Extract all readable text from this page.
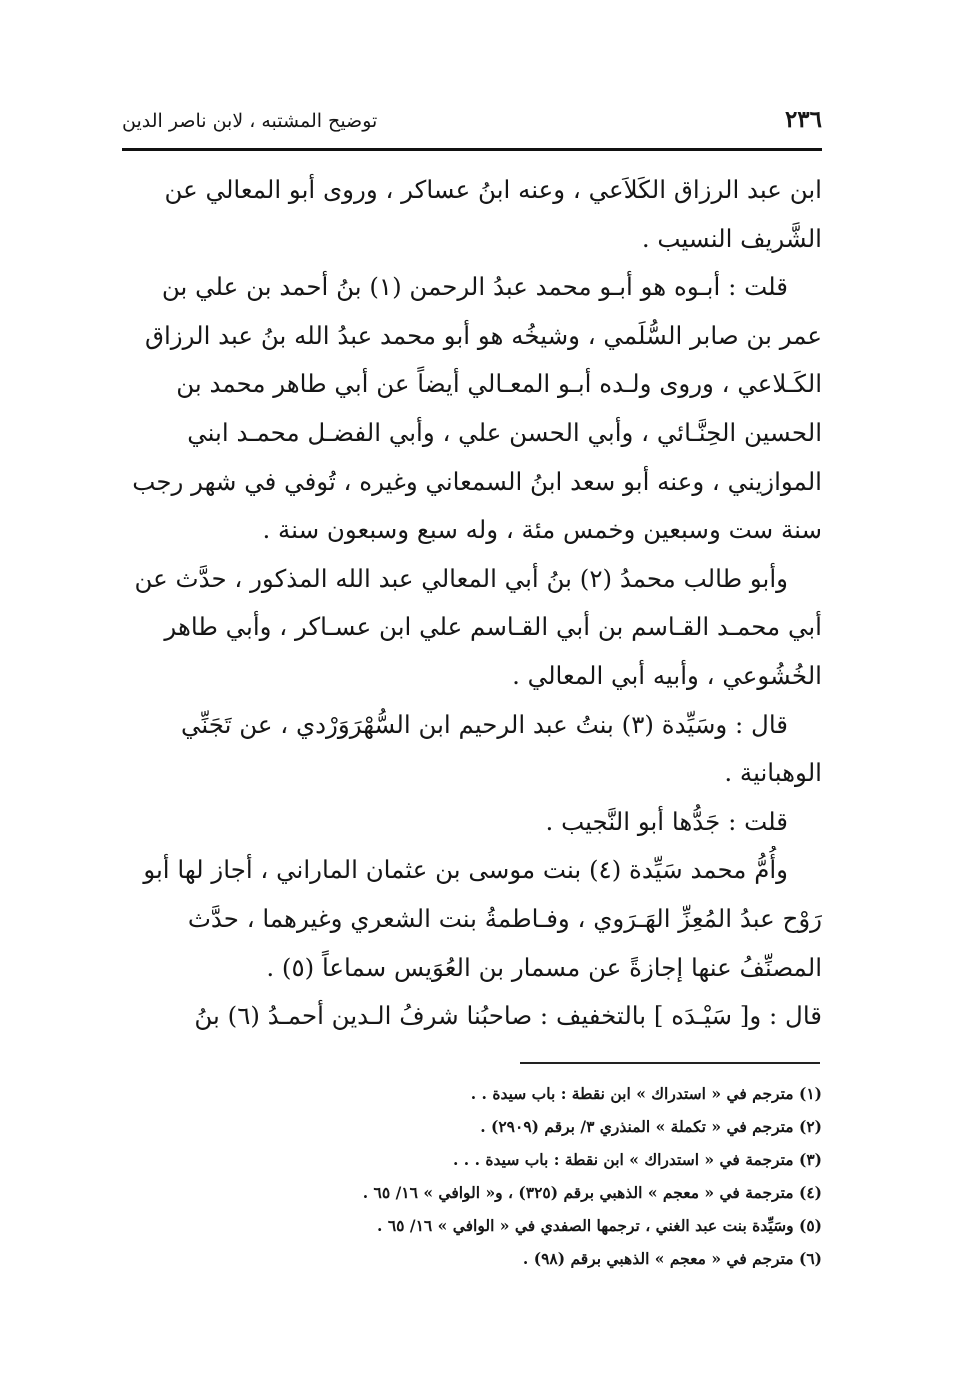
٢٣٦
توضيح المشتبه ، لابن ناصر الدين
ابن عبد الرزاق الكَلاَعي ، وعنه ابنُ عساكر ، وروى أبو المعالي عن
الشَّريف النسيب .
قلت : أبـوه هو أبـو محمد عبدُ الرحمن (١) بنُ أحمد بن علي بن
عمر بن صابر السُّلَمي ، وشيخُه هو أبو محمد عبدُ الله بنُ عبد الرزاق
الكَـلاعي ، وروى ولـده أبـو المعـالي أيضاً عن أبي طاهر محمد بن
الحسين الحِنَّـائي ، وأبي الحسن علي ، وأبي الفضـل محمـد ابني
الموازيني ، وعنه أبو سعد ابنُ السمعاني وغيره ، تُوفي في شهر رجب
سنة ست وسبعين وخمس مئة ، وله سبع وسبعون سنة .
وأبو طالب محمدُ (٢) بنُ أبي المعالي عبد الله المذكور ، حدَّث عن
أبي محمـد القـاسم بن أبي القـاسم علي ابن عسـاكر ، وأبي طاهر
الخُشُوعي ، وأبيه أبي المعالي .
قال : وسَيِّدة (٣) بنتُ عبد الرحيم ابن السُّهْرَوَرْدي ، عن تَجَنِّي
الوهبانية .
قلت : جَدُّها أبو النَّجيب .
وأُمُّ محمد سَيِّدة (٤) بنت موسى بن عثمان الماراني ، أجاز لها أبو
رَوْح عبدُ المُعِزِّ الهَـرَوي ، وفـاطمةُ بنت الشعري وغيرهما ، حدَّث
المصنِّفُ عنها إجازةً عن مسمار بن العُوَيس سماعاً (٥) .
قال : و[ سَيْـدَه ] بالتخفيف : صاحبُنا شرفُ الـدين أحمـدُ (٦) بنُ
(١) مترجم في « استدراك » ابن نقطة : باب سيدة . .
(٢) مترجم في « تكملة » المنذري ٣/ برقم (٢٩٠٩) .
(٣) مترجمة في « استدراك » ابن نقطة : باب سيدة . . .
(٤) مترجمة في « معجم » الذهبي برقم (٣٢٥) ، و« الوافي » ١٦/ ٦٥ .
(٥) وسَيِّدة بنت عبد الغني ، ترجمها الصفدي في « الوافي » ١٦/ ٦٥ .
(٦) مترجم في « معجم » الذهبي برقم (٩٨) .
